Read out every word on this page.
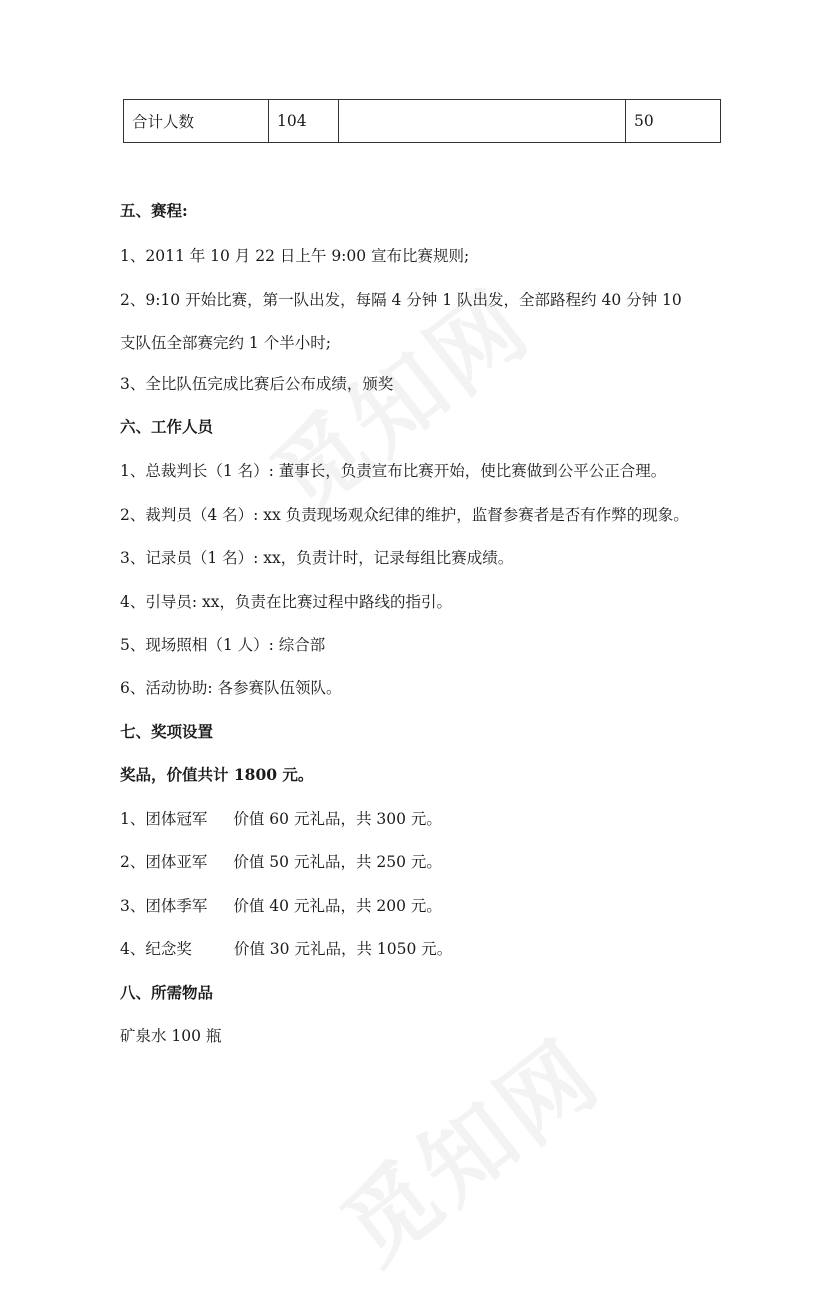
合计人数	104		50
五、赛程:
1、2011 年 10 月 22 日上午 9:00 宣布比赛规则;
2、9:10 开始比赛，第一队出发，每隔 4 分钟 1 队出发，全部路程约 40 分钟 10
支队伍全部赛完约 1 个半小时;
3、全比队伍完成比赛后公布成绩，颁奖
六、工作人员
1、总裁判长（1 名）: 董事长，负责宣布比赛开始，使比赛做到公平公正合理。
2、裁判员（4 名）: xx 负责现场观众纪律的维护，监督参赛者是否有作弊的现象。
3、记录员（1 名）: xx，负责计时，记录每组比赛成绩。
4、引导员: xx，负责在比赛过程中路线的指引。
5、现场照相（1 人）: 综合部
6、活动协助: 各参赛队伍领队。
七、奖项设置
奖品，价值共计 1800 元。
1、团体冠军 价值 60 元礼品，共 300 元。
2、团体亚军 价值 50 元礼品，共 250 元。
3、团体季军 价值 40 元礼品，共 200 元。
4、纪念奖	价值 30 元礼品，共 1050 元。
八、所需物品
矿泉水 100 瓶
